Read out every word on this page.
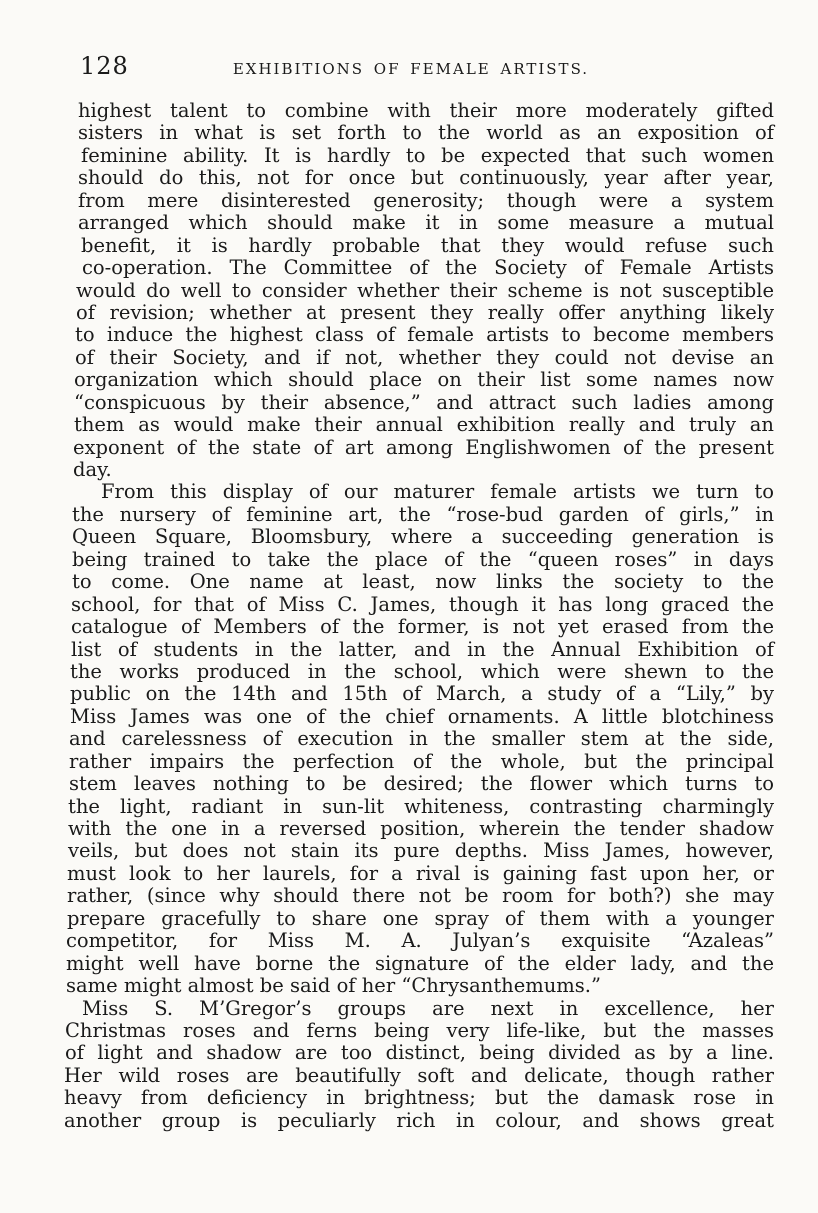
128	EXHIBITIONS OF FEMALE ARTISTS.
highest talent to combine with their more moderately gifted
sisters in what is set forth to the world as an exposition of
feminine ability. It is hardly to be expected that such women
should do this, not for once but continuously, year after year,
from mere disinterested generosity; though were a system
arranged which should make it in some measure a mutual
benefit, it is hardly probable that they would refuse such
co-operation. The Committee of the Society of Female Artists
would do well to consider whether their scheme is not susceptible
of revision; whether at present they really offer anything likely
to induce the highest class of female artists to become members
of their Society, and if not, whether they could not devise an
organization which should place on their list some names now
“conspicuous by their absence,” and attract such ladies among
them as would make their annual exhibition really and truly an
exponent of the state of art among Englishwomen of the present
day.
From this display of our maturer female artists we turn to
the nursery of feminine art, the “rose-bud garden of girls,” in
Queen Square, Bloomsbury, where a succeeding generation is
being trained to take the place of the “queen roses” in days
to come. One name at least, now links the society to the
school, for that of Miss C. James, though it has long graced the
catalogue of Members of the former, is not yet erased from the
list of students in the latter, and in the Annual Exhibition of
the works produced in the school, which were shewn to the
public on the 14th and 15th of March, a study of a “Lily,” by
Miss James was one of the chief ornaments. A little blotchiness
and carelessness of execution in the smaller stem at the side,
rather impairs the perfection of the whole, but the principal
stem leaves nothing to be desired; the flower which turns to
the light, radiant in sun-lit whiteness, contrasting charmingly
with the one in a reversed position, wherein the tender shadow
veils, but does not stain its pure depths. Miss James, however,
must look to her laurels, for a rival is gaining fast upon her, or
rather, (since why should there not be room for both?) she may
prepare gracefully to share one spray of them with a younger
competitor, for Miss M. A. Julyan’s exquisite “Azaleas”
might well have borne the signature of the elder lady, and the
same might almost be said of her “Chrysanthemums.”
Miss S. M’Gregor’s groups are next in excellence, her
Christmas roses and ferns being very life-like, but the masses
of light and shadow are too distinct, being divided as by a line.
Her wild roses are beautifully soft and delicate, though rather
heavy from deficiency in brightness; but the damask rose in
another group is peculiarly rich in colour, and shows great
